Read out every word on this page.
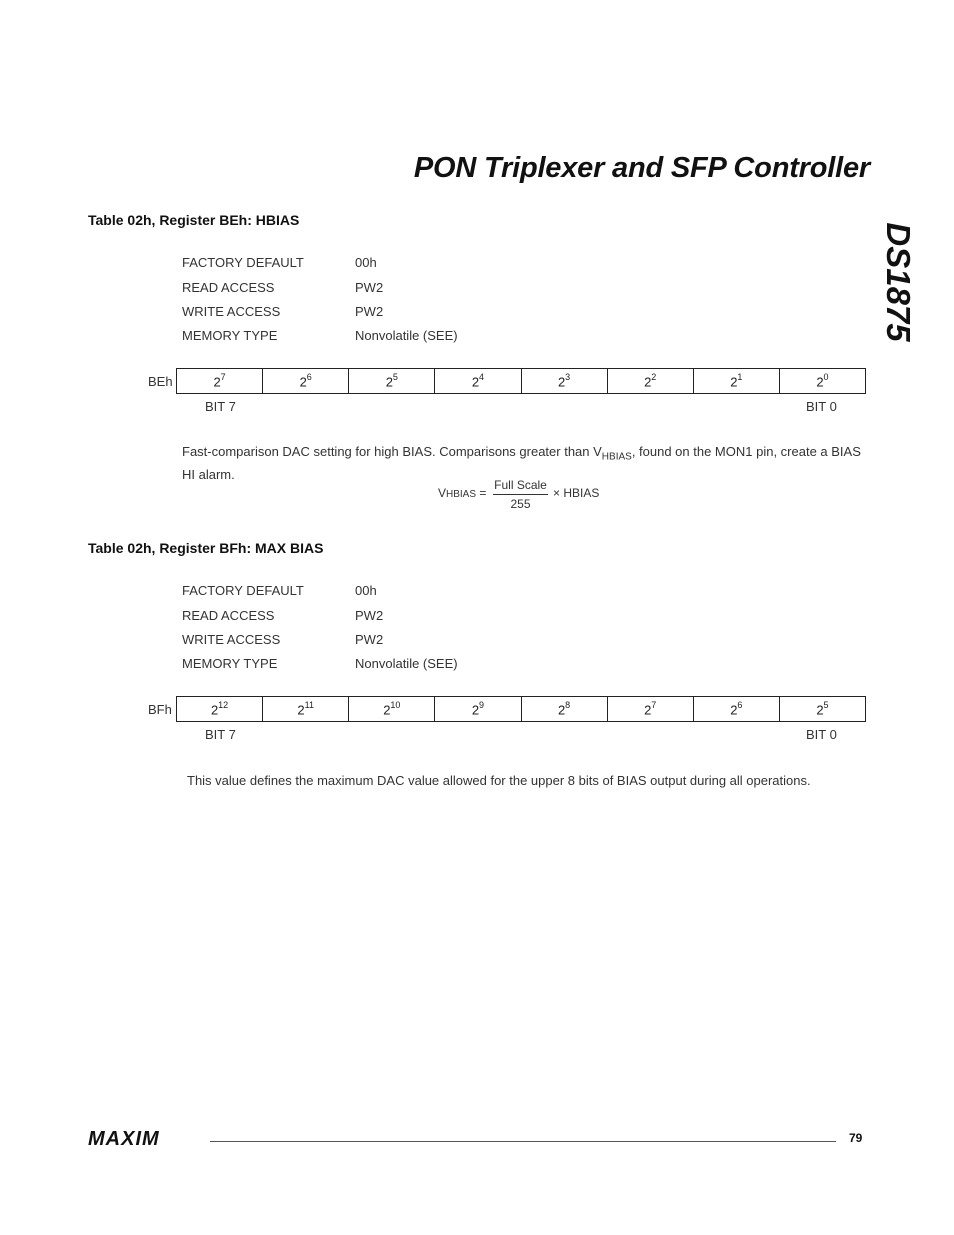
PON Triplexer and SFP Controller
DS1875
Table 02h, Register BEh: HBIAS
FACTORY DEFAULT	00h
READ ACCESS	PW2
WRITE ACCESS	PW2
MEMORY TYPE	Nonvolatile (SEE)
BEh	$2^7$	$2^6$	$2^5$	$2^4$	$2^3$	$2^2$	$2^1$	$2^0$
BIT 7	BIT 0
Fast-comparison DAC setting for high BIAS. Comparisons greater than $V_{HBIAS}$, found on the MON1 pin, create a BIAS HI alarm.
VHBIAS =
Full Scale
255
× HBIAS
Table 02h, Register BFh: MAX BIAS
FACTORY DEFAULT	00h
READ ACCESS	PW2
WRITE ACCESS	PW2
MEMORY TYPE	Nonvolatile (SEE)
BFh	$2^{12}$	$2^{11}$	$2^{10}$	$2^9$	$2^8$	$2^7$	$2^6$	$2^5$
BIT 7	BIT 0
This value defines the maximum DAC value allowed for the upper 8 bits of BIAS output during all operations.
MAXIM	79
